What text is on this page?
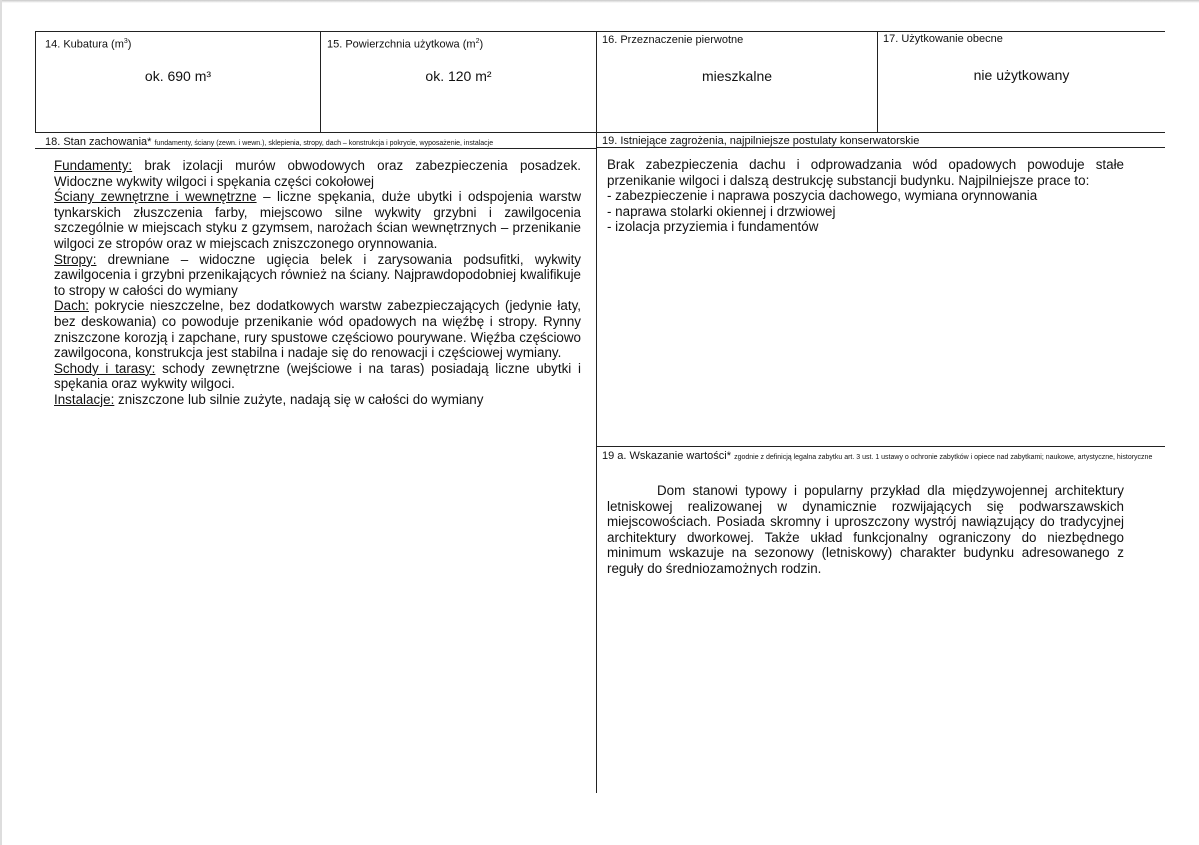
14. Kubatura $(m^3)$
ok. 690 m³
15. Powierzchnia użytkowa $(m^2)$
ok. 120 m²
16. Przeznaczenie pierwotne
mieszkalne
17. Użytkowanie obecne
nie użytkowany
18. Stan zachowania* fundamenty, ściany (zewn. i wewn.), sklepienia, stropy, dach – konstrukcja i pokrycie, wyposażenie, instalacje

Fundamenty: brak izolacji murów obwodowych oraz zabezpieczenia posadzek. Widoczne wykwity wilgoci i spękania części cokołowej

Ściany zewnętrzne i wewnętrzne – liczne spękania, duże ubytki i odspojenia warstw tynkarskich złuszczenia farby, miejscowo silne wykwity grzybni i zawilgocenia szczególnie w miejscach styku z gzymsem, narożach ścian wewnętrznych – przenikanie wilgoci ze stropów oraz w miejscach zniszczonego orynnowania.

Stropy: drewniane – widoczne ugięcia belek i zarysowania podsufitki, wykwity zawilgocenia i grzybni przenikających również na ściany. Najprawdopodobniej kwalifikuje to stropy w całości do wymiany

Dach: pokrycie nieszczelne, bez dodatkowych warstw zabezpieczających (jedynie łaty, bez deskowania) co powoduje przenikanie wód opadowych na więźbę i stropy. Rynny zniszczone korozją i zapchane, rury spustowe częściowo pourywane. Więźba częściowo zawilgocona, konstrukcja jest stabilna i nadaje się do renowacji i częściowej wymiany.

Schody i tarasy: schody zewnętrzne (wejściowe i na taras) posiadają liczne ubytki i spękania oraz wykwity wilgoci.

Instalacje: zniszczone lub silnie zużyte, nadają się w całości do wymiany

19. Istniejące zagrożenia, najpilniejsze postulaty konserwatorskie

Brak zabezpieczenia dachu i odprowadzania wód opadowych powoduje stałe przenikanie wilgoci i dalszą destrukcję substancji budynku. Najpilniejsze prace to:

- zabezpieczenie i naprawa poszycia dachowego, wymiana orynnowania
- naprawa stolarki okiennej i drzwiowej
- izolacja przyziemia i fundamentów
19 a. Wskazanie wartości* zgodnie z definicją legalna zabytku art. 3 ust. 1 ustawy o ochronie zabytków i opiece nad zabytkami; naukowe, artystyczne, historyczne

Dom stanowi typowy i popularny przykład dla międzywojennej architektury letniskowej realizowanej w dynamicznie rozwijających się podwarszawskich miejscowościach. Posiada skromny i uproszczony wystrój nawiązujący do tradycyjnej architektury dworkowej. Także układ funkcjonalny ograniczony do niezbędnego minimum wskazuje na sezonowy (letniskowy) charakter budynku adresowanego z reguły do średniozamożnych rodzin.
